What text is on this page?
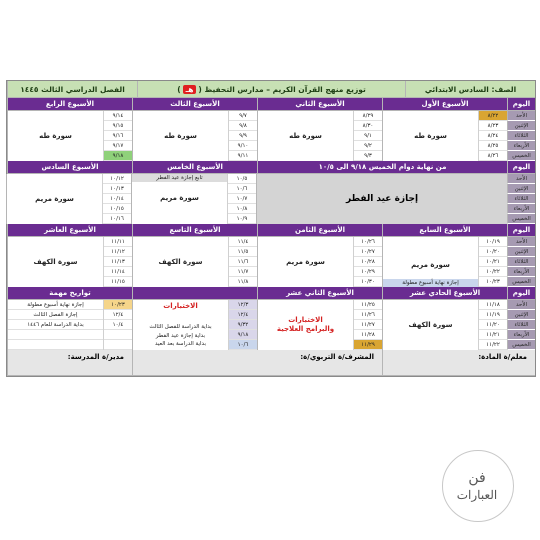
الصف: السادس الابتدائي
توزيع منهج القرآن الكريم – مدارس التحفيظ (
هـ
)
الفصل الدراسي الثالث ١٤٤٥
اليوم
الأسبوع الأول
الأسبوع الثاني
الأسبوع الثالث
الأسبوع الرابع
الأحد
الإثنين
الثلاثاء
الأربعاء
الخميس
٨/٢٢
٨/٢٣
٨/٢٤
٨/٢٥
٨/٢٦
سورة طه
٨/٢٩
٨/٣٠
٩/١
٩/٢
٩/٣
سورة طه
٩/٧
٩/٨
٩/٩
٩/١٠
٩/١١
سورة طه
٩/١٤
٩/١٥
٩/١٦
٩/١٧
٩/١٨
سورة طه
اليوم
من نهاية دوام الخميس ٩/١٨ الى ١٠/٥
الأسبوع الخامس
الأسبوع السادس
الأحد
الإثنين
الثلاثاء
الأربعاء
الخميس
إجازة عيد الفطر
١٠/٥
١٠/٦
١٠/٧
١٠/٨
١٠/٩
تابع إجازة عيد الفطر
سورة مريم
١٠/١٢
١٠/١٣
١٠/١٤
١٠/١٥
١٠/١٦
سورة مريم
اليوم
الأسبوع السابع
الأسبوع الثامن
الأسبوع التاسع
الأسبوع العاشر
الأحد
الإثنين
الثلاثاء
الأربعاء
الخميس
١٠/١٩
١٠/٢٠
١٠/٢١
١٠/٢٢
١٠/٢٣
سورة مريم
إجازة نهاية أسبوع مطولة
١٠/٢٦
١٠/٢٧
١٠/٢٨
١٠/٢٩
١٠/٣٠
سورة مريم
١١/٤
١١/٥
١١/٦
١١/٧
١١/٨
سورة الكهف
١١/١١
١١/١٢
١١/١٣
١١/١٤
١١/١٥
سورة الكهف
اليوم
الأسبوع الحادي عشر
الأسبوع الثاني عشر
تواريخ مهمة
الأحد
الإثنين
الثلاثاء
الأربعاء
الخميس
١١/١٨
١١/١٩
١١/٢٠
١١/٢١
١١/٢٢
سورة الكهف
١١/٢٥
١١/٢٦
١١/٢٧
١١/٢٨
١١/٢٩
الاختبارات
والبرامج العلاجية
١٢/٣
١٢/٤
٩/٣٢
٩/١٨
١٠/٦
الاختبارات
بداية الدراسة للفصل الثالث
بداية إجازة عيد الفطر
بداية الدراسة بعد العيد
١٠/٢٣
١٢/٤
١٠/٤
إجازة نهاية أسبوع مطولة
إجازة الفصل الثالث
بداية الدراسة للعام ١٤٤٦
معلم/ة المادة:
المشرف/ة التربوي/ة:
مدير/ة المدرسة:
فن
العبارات
